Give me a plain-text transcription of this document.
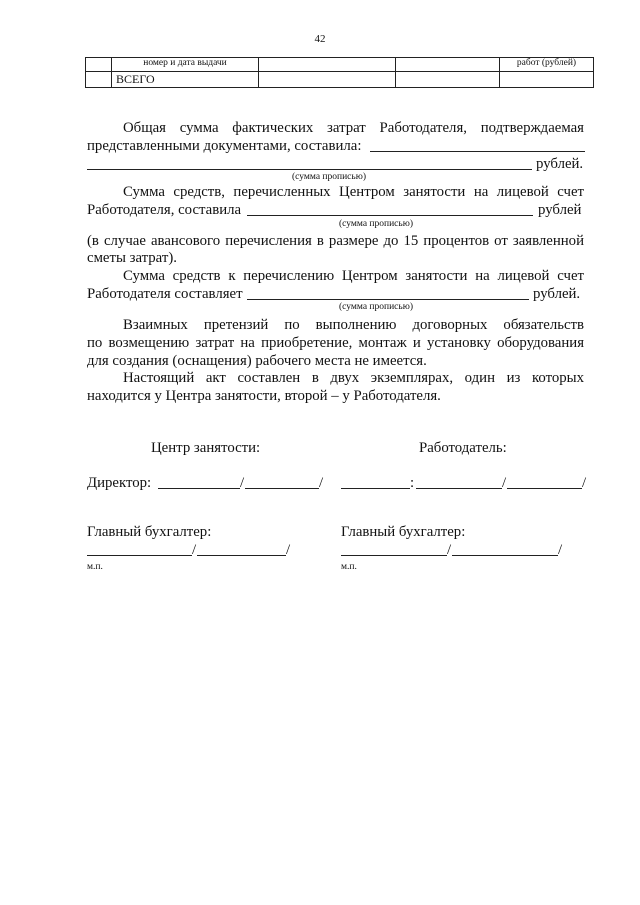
42
	номер и дата выдачи			работ (рублей)
	ВСЕГО			
Общая сумма фактических затрат Работодателя, подтверждаемая
представленными документами, составила:
рублей.
(сумма прописью)
Сумма средств, перечисленных Центром занятости на лицевой счет
Работодателя, составила	рублей
(сумма прописью)
(в случае авансового перечисления в размере до 15 процентов от заявленной
сметы затрат).
Сумма средств к перечислению Центром занятости на лицевой счет
Работодателя составляет	рублей.
(сумма прописью)
Взаимных претензий по выполнению договорных обязательств
по возмещению затрат на приобретение, монтаж и установку оборудования
для создания (оснащения) рабочего места не имеется.
Настоящий акт составлен в двух экземплярах, один из которых
находится у Центра занятости, второй – у Работодателя.
Центр занятости:	Работодатель:
Директор:	/	/	:	/	/
Главный бухгалтер:	Главный бухгалтер:
/	/	/	/
м.п.	м.п.
